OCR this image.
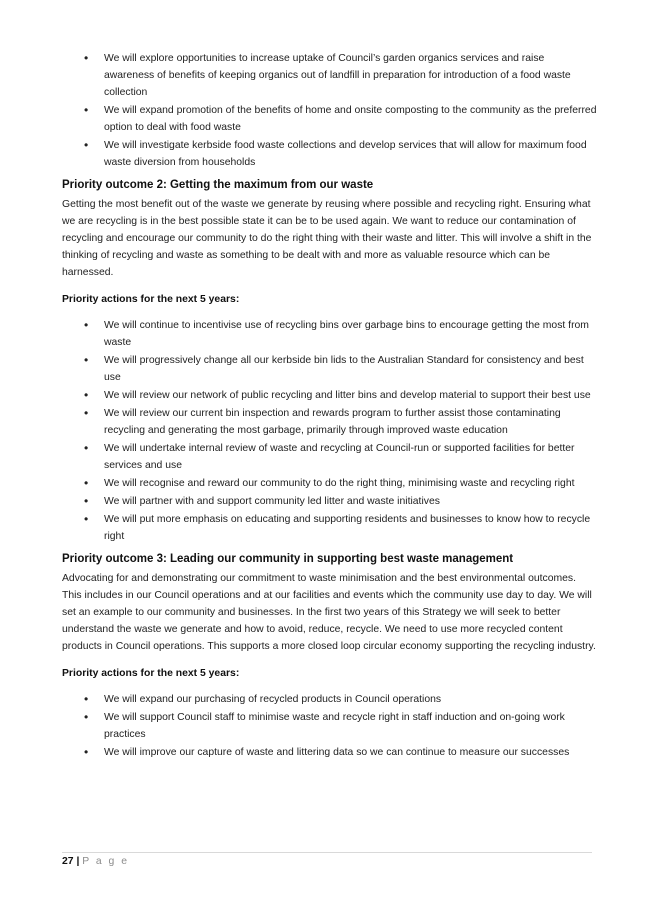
• We will explore opportunities to increase uptake of Council’s garden organics services and raise awareness of benefits of keeping organics out of landfill in preparation for introduction of a food waste collection
• We will expand promotion of the benefits of home and onsite composting to the community as the preferred option to deal with food waste
• We will investigate kerbside food waste collections and develop services that will allow for maximum food waste diversion from households
Priority outcome 2: Getting the maximum from our waste

Getting the most benefit out of the waste we generate by reusing where possible and recycling right. Ensuring what we are recycling is in the best possible state it can be to be used again. We want to reduce our contamination of recycling and encourage our community to do the right thing with their waste and litter. This will involve a shift in the thinking of recycling and waste as something to be dealt with and more as valuable resource which can be harnessed.

Priority actions for the next 5 years:
• We will continue to incentivise use of recycling bins over garbage bins to encourage getting the most from waste
• We will progressively change all our kerbside bin lids to the Australian Standard for consistency and best use
• We will review our network of public recycling and litter bins and develop material to support their best use
• We will review our current bin inspection and rewards program to further assist those contaminating recycling and generating the most garbage, primarily through improved waste education
• We will undertake internal review of waste and recycling at Council-run or supported facilities for better services and use
• We will recognise and reward our community to do the right thing, minimising waste and recycling right
• We will partner with and support community led litter and waste initiatives
• We will put more emphasis on educating and supporting residents and businesses to know how to recycle right
Priority outcome 3: Leading our community in supporting best waste management

Advocating for and demonstrating our commitment to waste minimisation and the best environmental outcomes. This includes in our Council operations and at our facilities and events which the community use day to day. We will set an example to our community and businesses. In the first two years of this Strategy we will seek to better understand the waste we generate and how to avoid, reduce, recycle. We need to use more recycled content products in Council operations. This supports a more closed loop circular economy supporting the recycling industry.

Priority actions for the next 5 years:
• We will expand our purchasing of recycled products in Council operations
• We will support Council staff to minimise waste and recycle right in staff induction and on-going work practices
• We will improve our capture of waste and littering data so we can continue to measure our successes
27 | P a g e
